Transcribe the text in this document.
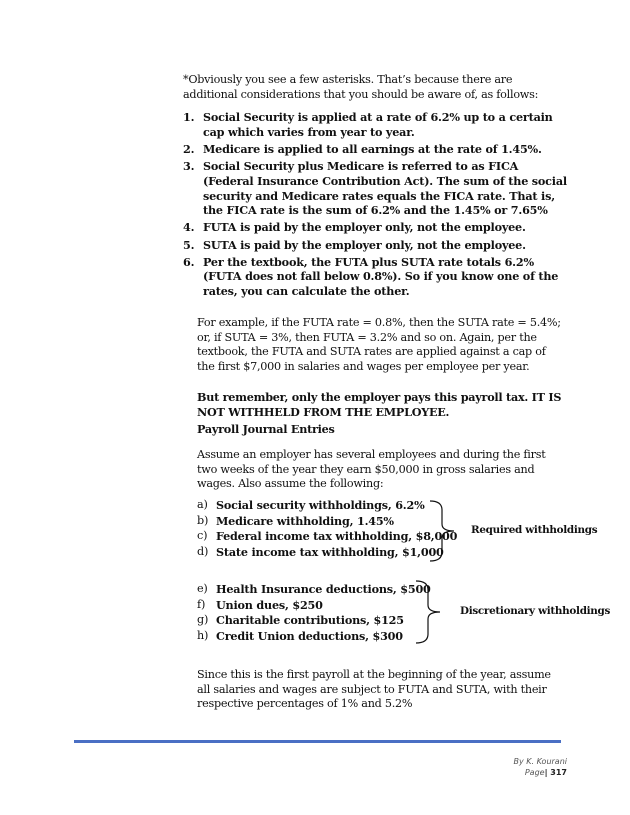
*Obviously you see a few asterisks. That’s because there are additional considerations that you should be aware of, as follows:
1. Social Security is applied at a rate of 6.2% up to a certain cap which varies from year to year.
2. Medicare is applied to all earnings at the rate of 1.45%.
3. Social Security plus Medicare is referred to as FICA (Federal Insurance Contribution Act). The sum of the social security and Medicare rates equals the FICA rate. That is, the FICA rate is the sum of 6.2% and the 1.45% or 7.65%
4. FUTA is paid by the employer only, not the employee.
5. SUTA is paid by the employer only, not the employee.
6. Per the textbook, the FUTA plus SUTA rate totals 6.2% (FUTA does not fall below 0.8%). So if you know one of the rates, you can calculate the other.
For example, if the FUTA rate = 0.8%, then the SUTA rate = 5.4%; or, if SUTA = 3%, then FUTA = 3.2% and so on. Again, per the textbook, the FUTA and SUTA rates are applied against a cap of the first $7,000 in salaries and wages per employee per year.
But remember, only the employer pays this payroll tax. IT IS NOT WITHHELD FROM THE EMPLOYEE.
Payroll Journal Entries
Assume an employer has several employees and during the first two weeks of the year they earn $50,000 in gross salaries and wages. Also assume the following:
a) Social security withholdings, 6.2%
b) Medicare withholding, 1.45%
c) Federal income tax withholding, $8,000
d) State income tax withholding, $1,000
Required withholdings
e) Health Insurance deductions, $500
f) Union dues, $250
g) Charitable contributions, $125
h) Credit Union deductions, $300
Discretionary withholdings
Since this is the first payroll at the beginning of the year, assume all salaries and wages are subject to FUTA and SUTA, with their respective percentages of 1% and 5.2%
By K. Kourani
Page| 317
